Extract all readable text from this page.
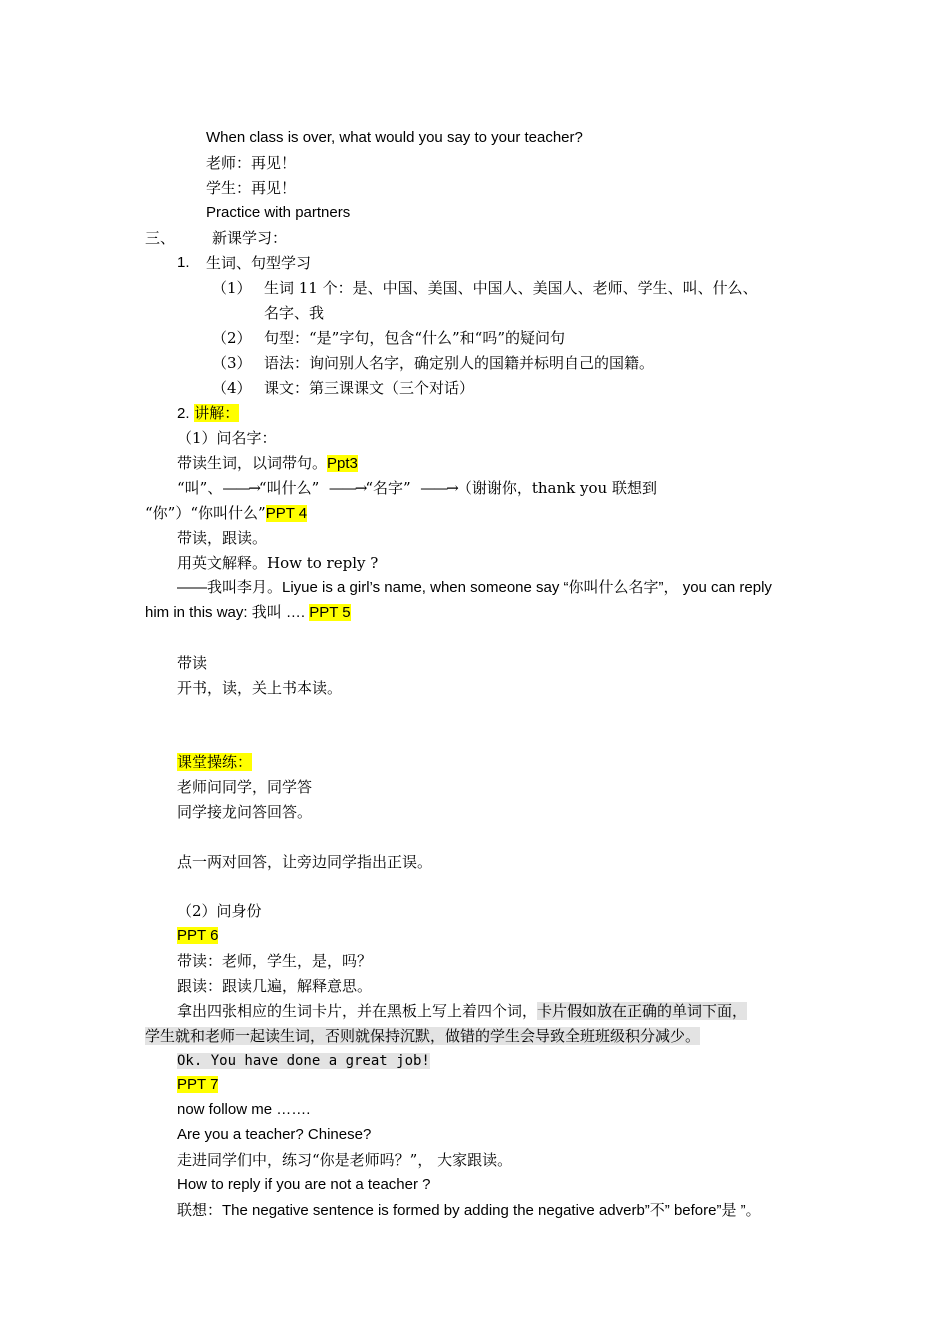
When class is over, what would you say to your teacher?
老师：再见！
学生：再见！
Practice with partners
三、 新课学习：
1. 生词、句型学习
（1） 生词 11 个：是、中国、美国、中国人、美国人、老师、学生、叫、什么、
名字、我
（2） 句型：“是”字句，包含“什么”和“吗”的疑问句
（3） 语法：询问别人名字，确定别人的国籍并标明自己的国籍。
（4） 课文：第三课课文（三个对话）
2. 讲解：
（1）问名字：
带读生词，以词带句。Ppt3
“叫”、——→“叫什么” ——→“名字” ——→（谢谢你，thank you 联想到
“你”）“你叫什么”PPT 4
带读，跟读。
用英文解释。How to reply ?
——我叫李月。Liyue is a girl’s name, when someone say “你叫什么名字”， you can reply
him in this way: 我叫 …. PPT 5
带读
开书，读，关上书本读。
课堂操练：
老师问同学，同学答
同学接龙问答回答。
点一两对回答，让旁边同学指出正误。
（2）问身份
PPT 6
带读：老师，学生，是，吗？
跟读：跟读几遍，解释意思。
拿出四张相应的生词卡片，并在黑板上写上着四个词，卡片假如放在正确的单词下面，
学生就和老师一起读生词，否则就保持沉默，做错的学生会导致全班班级积分减少。
Ok. You have done a great job!
PPT 7
now follow me …….
Are you a teacher? Chinese?
走进同学们中，练习“你是老师吗？”， 大家跟读。
How to reply if you are not a teacher ?
联想：The negative sentence is formed by adding the negative adverb”不” before”是 ”。
